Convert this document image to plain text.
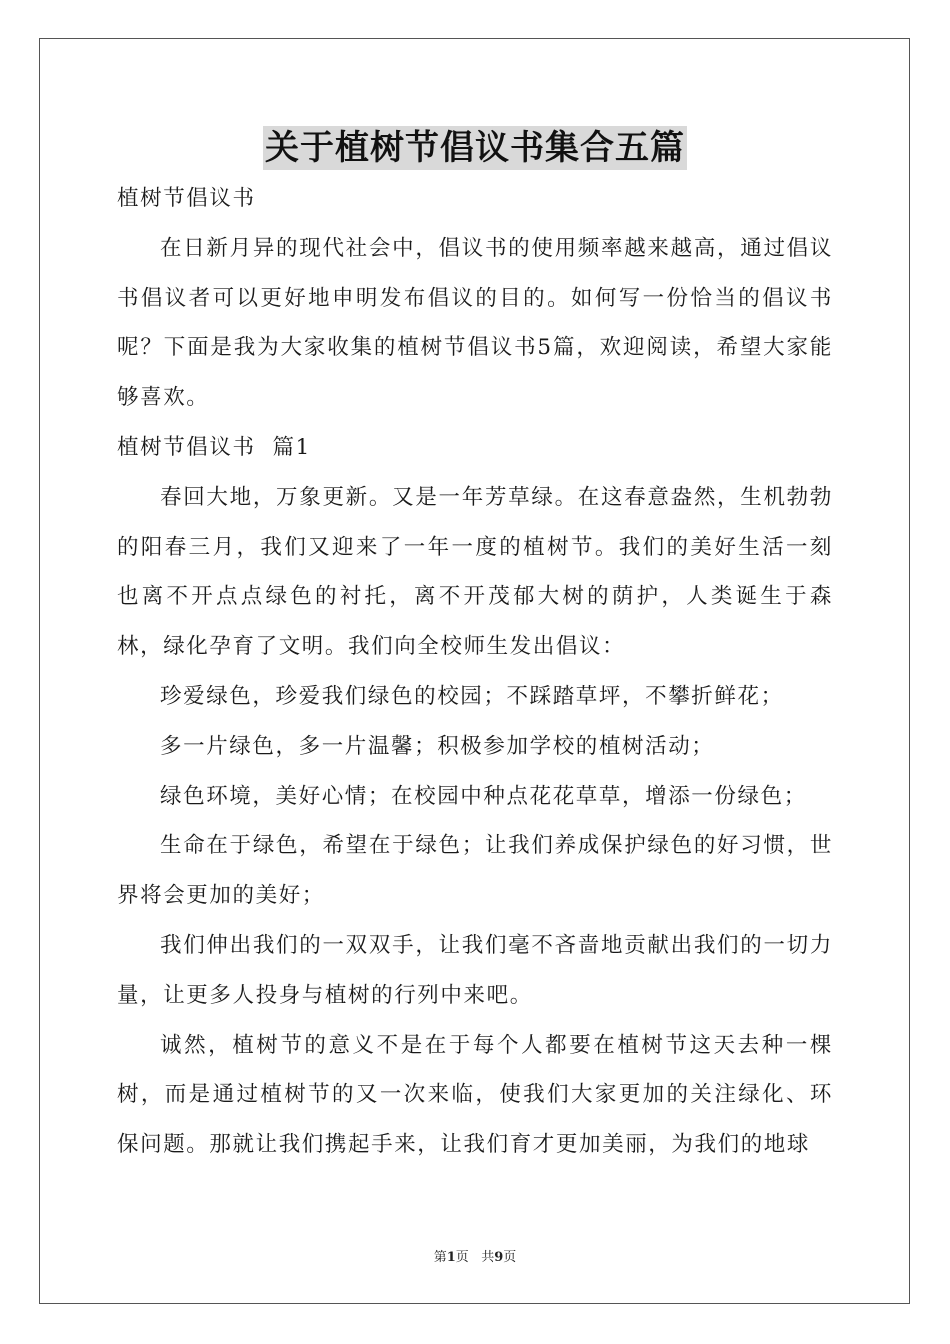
关于植树节倡议书集合五篇

植树节倡议书

在日新月异的现代社会中，倡议书的使用频率越来越高，通过倡议书倡议者可以更好地申明发布倡议的目的。如何写一份恰当的倡议书呢？下面是我为大家收集的植树节倡议书5篇，欢迎阅读，希望大家能够喜欢。

植树节倡议书  篇1

春回大地，万象更新。又是一年芳草绿。在这春意盎然，生机勃勃的阳春三月，我们又迎来了一年一度的植树节。我们的美好生活一刻也离不开点点绿色的衬托，离不开茂郁大树的荫护，人类诞生于森林，绿化孕育了文明。我们向全校师生发出倡议：

珍爱绿色，珍爱我们绿色的校园；不踩踏草坪，不攀折鲜花；

多一片绿色，多一片温馨；积极参加学校的植树活动；

绿色环境，美好心情；在校园中种点花花草草，增添一份绿色；

生命在于绿色，希望在于绿色；让我们养成保护绿色的好习惯，世界将会更加的美好；

我们伸出我们的一双双手，让我们毫不吝啬地贡献出我们的一切力量，让更多人投身与植树的行列中来吧。

诚然，植树节的意义不是在于每个人都要在植树节这天去种一棵树，而是通过植树节的又一次来临，使我们大家更加的关注绿化、环保问题。那就让我们携起手来，让我们育才更加美丽，为我们的地球

第1页 共9页
